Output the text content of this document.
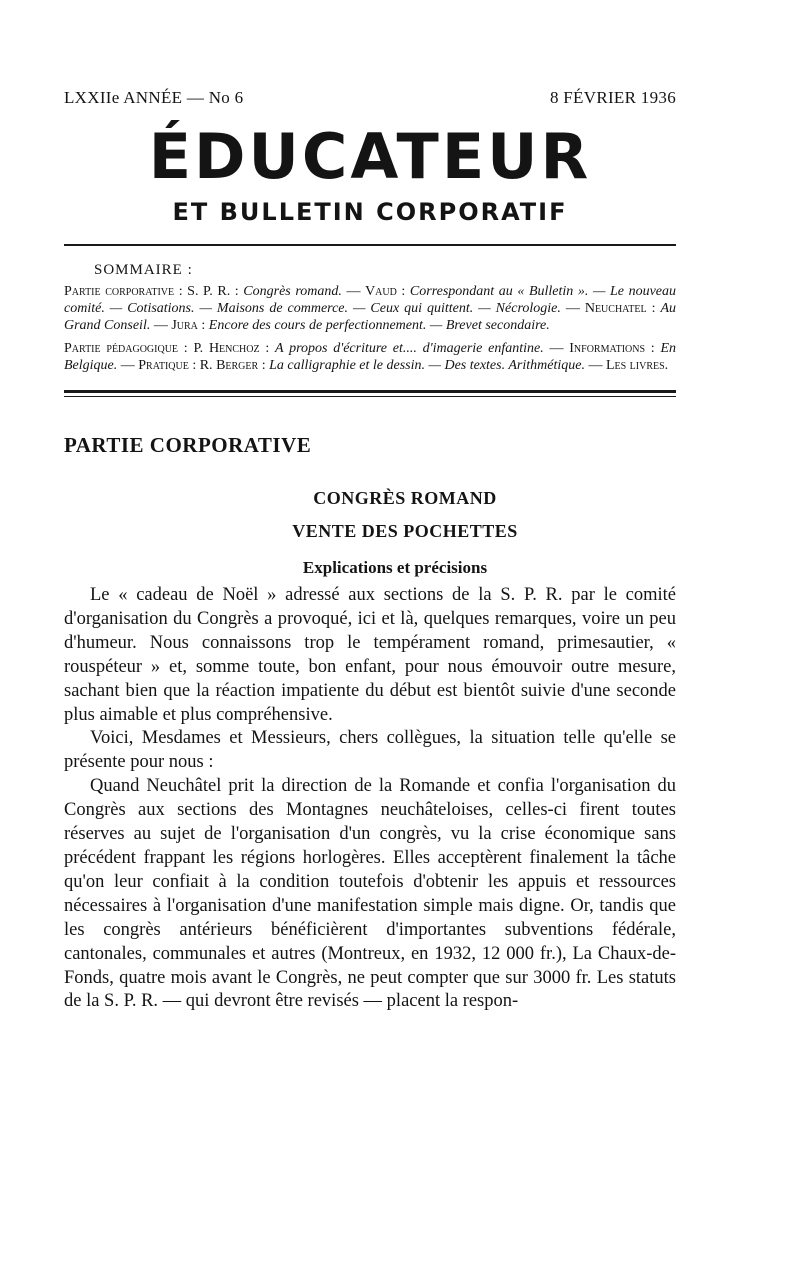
LXXIIe ANNÉE — No 6	8 FÉVRIER 1936
ÉDUCATEUR
ET BULLETIN CORPORATIF
SOMMAIRE :
Partie corporative : S. P. R. : Congrès romand. — Vaud : Correspondant au « Bulletin ». — Le nouveau comité. — Cotisations. — Maisons de commerce. — Ceux qui quittent. — Nécrologie. — Neuchatel : Au Grand Conseil. — Jura : Encore des cours de perfectionnement. — Brevet secondaire.
Partie pédagogique : P. Henchoz : A propos d'écriture et.... d'imagerie enfantine. — Informations : En Belgique. — Pratique : R. Berger : La calligraphie et le dessin. — Des textes. Arithmétique. — Les livres.
PARTIE CORPORATIVE
CONGRÈS ROMAND
VENTE DES POCHETTES
Explications et précisions

Le « cadeau de Noël » adressé aux sections de la S. P. R. par le comité d'organisation du Congrès a provoqué, ici et là, quelques remarques, voire un peu d'humeur. Nous connaissons trop le tempérament romand, primesautier, « rouspéteur » et, somme toute, bon enfant, pour nous émouvoir outre mesure, sachant bien que la réaction impatiente du début est bientôt suivie d'une seconde plus aimable et plus compréhensive.

Voici, Mesdames et Messieurs, chers collègues, la situation telle qu'elle se présente pour nous :

Quand Neuchâtel prit la direction de la Romande et confia l'organisation du Congrès aux sections des Montagnes neuchâteloises, celles-ci firent toutes réserves au sujet de l'organisation d'un congrès, vu la crise économique sans précédent frappant les régions horlogères. Elles acceptèrent finalement la tâche qu'on leur confiait à la condition toutefois d'obtenir les appuis et ressources nécessaires à l'organisation d'une manifestation simple mais digne. Or, tandis que les congrès antérieurs bénéficièrent d'importantes subventions fédérale, cantonales, communales et autres (Montreux, en 1932, 12 000 fr.), La Chaux-de-Fonds, quatre mois avant le Congrès, ne peut compter que sur 3000 fr. Les statuts de la S. P. R. — qui devront être revisés — placent la respon-
